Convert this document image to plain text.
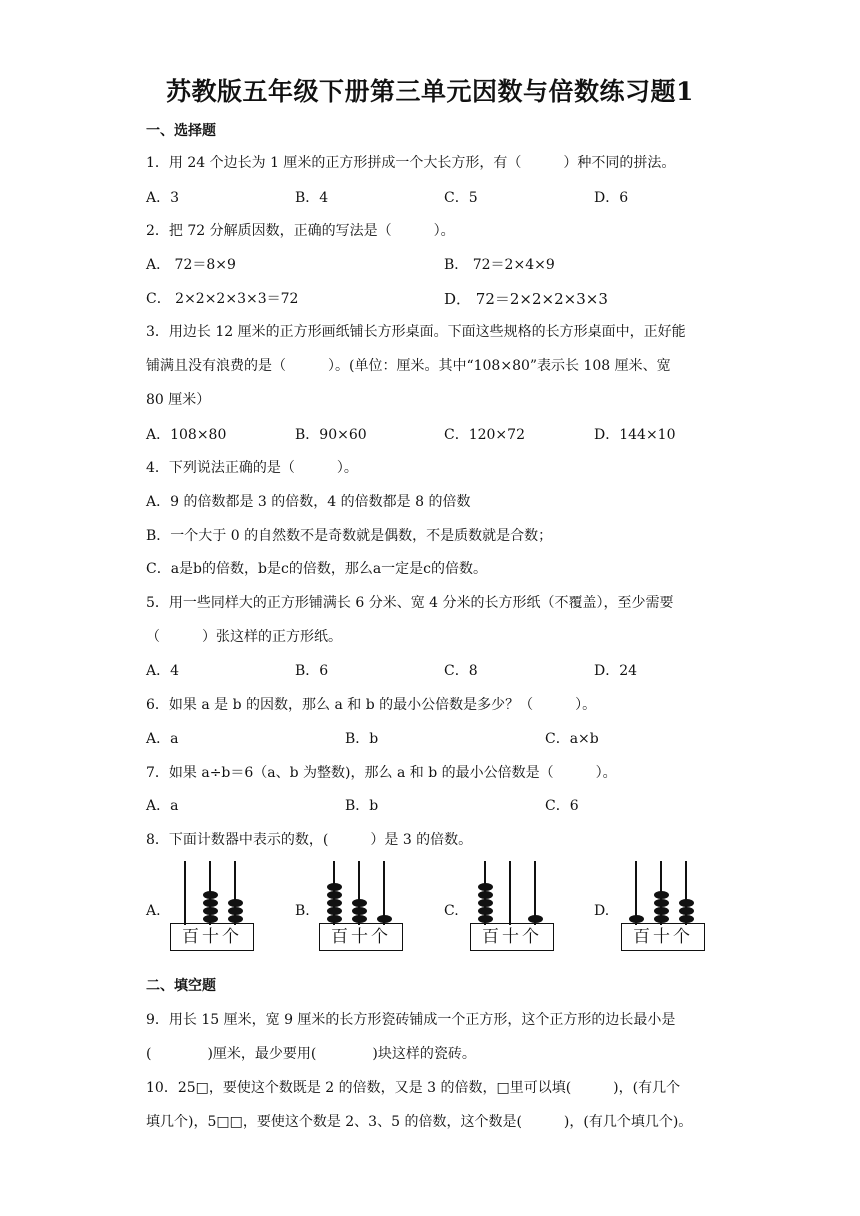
苏教版五年级下册第三单元因数与倍数练习题1
一、选择题
1．用 24 个边长为 1 厘米的正方形拼成一个大长方形，有（　　　）种不同的拼法。
A．3	B．4	C．5	D．6
2．把 72 分解质因数，正确的写法是（　　　）。
A． 72＝8×9	B． 72＝2×4×9
C． 2×2×2×3×3＝72	D． 72＝2×2×2×3×3
3．用边长 12 厘米的正方形画纸铺长方形桌面。下面这些规格的长方形桌面中，正好能
铺满且没有浪费的是（　　　）。(单位：厘米。其中“108×80”表示长 108 厘米、宽
80 厘米）
A．108×80	B．90×60	C．120×72	D．144×10
4．下列说法正确的是（　　　）。
A．9 的倍数都是 3 的倍数，4 的倍数都是 8 的倍数
B．一个大于 0 的自然数不是奇数就是偶数，不是质数就是合数；
C．a是b的倍数，b是c的倍数，那么a一定是c的倍数。
5．用一些同样大的正方形铺满长 6 分米、宽 4 分米的长方形纸（不覆盖），至少需要
（　　　）张这样的正方形纸。
A．4	B．6	C．8	D．24
6．如果 a 是 b 的因数，那么 a 和 b 的最小公倍数是多少？（　　　）。
A．a	B．b	C．a×b
7．如果 a÷b＝6（a、b 为整数)，那么 a 和 b 的最小公倍数是（　　　）。
A．a	B．b	C．6
8．下面计数器中表示的数，(　　　）是 3 的倍数。
A.	B.	C.	D.
百十个	百十个	百十个	百十个
二、填空题
9．用长 15 厘米，宽 9 厘米的长方形瓷砖铺成一个正方形，这个正方形的边长最小是
(　　　　)厘米，最少要用(　　　　)块这样的瓷砖。
10．25□，要使这个数既是 2 的倍数，又是 3 的倍数，□里可以填(　　　)，(有几个
填几个)，5□□，要使这个数是 2、3、5 的倍数，这个数是(　　　)，(有几个填几个)。
